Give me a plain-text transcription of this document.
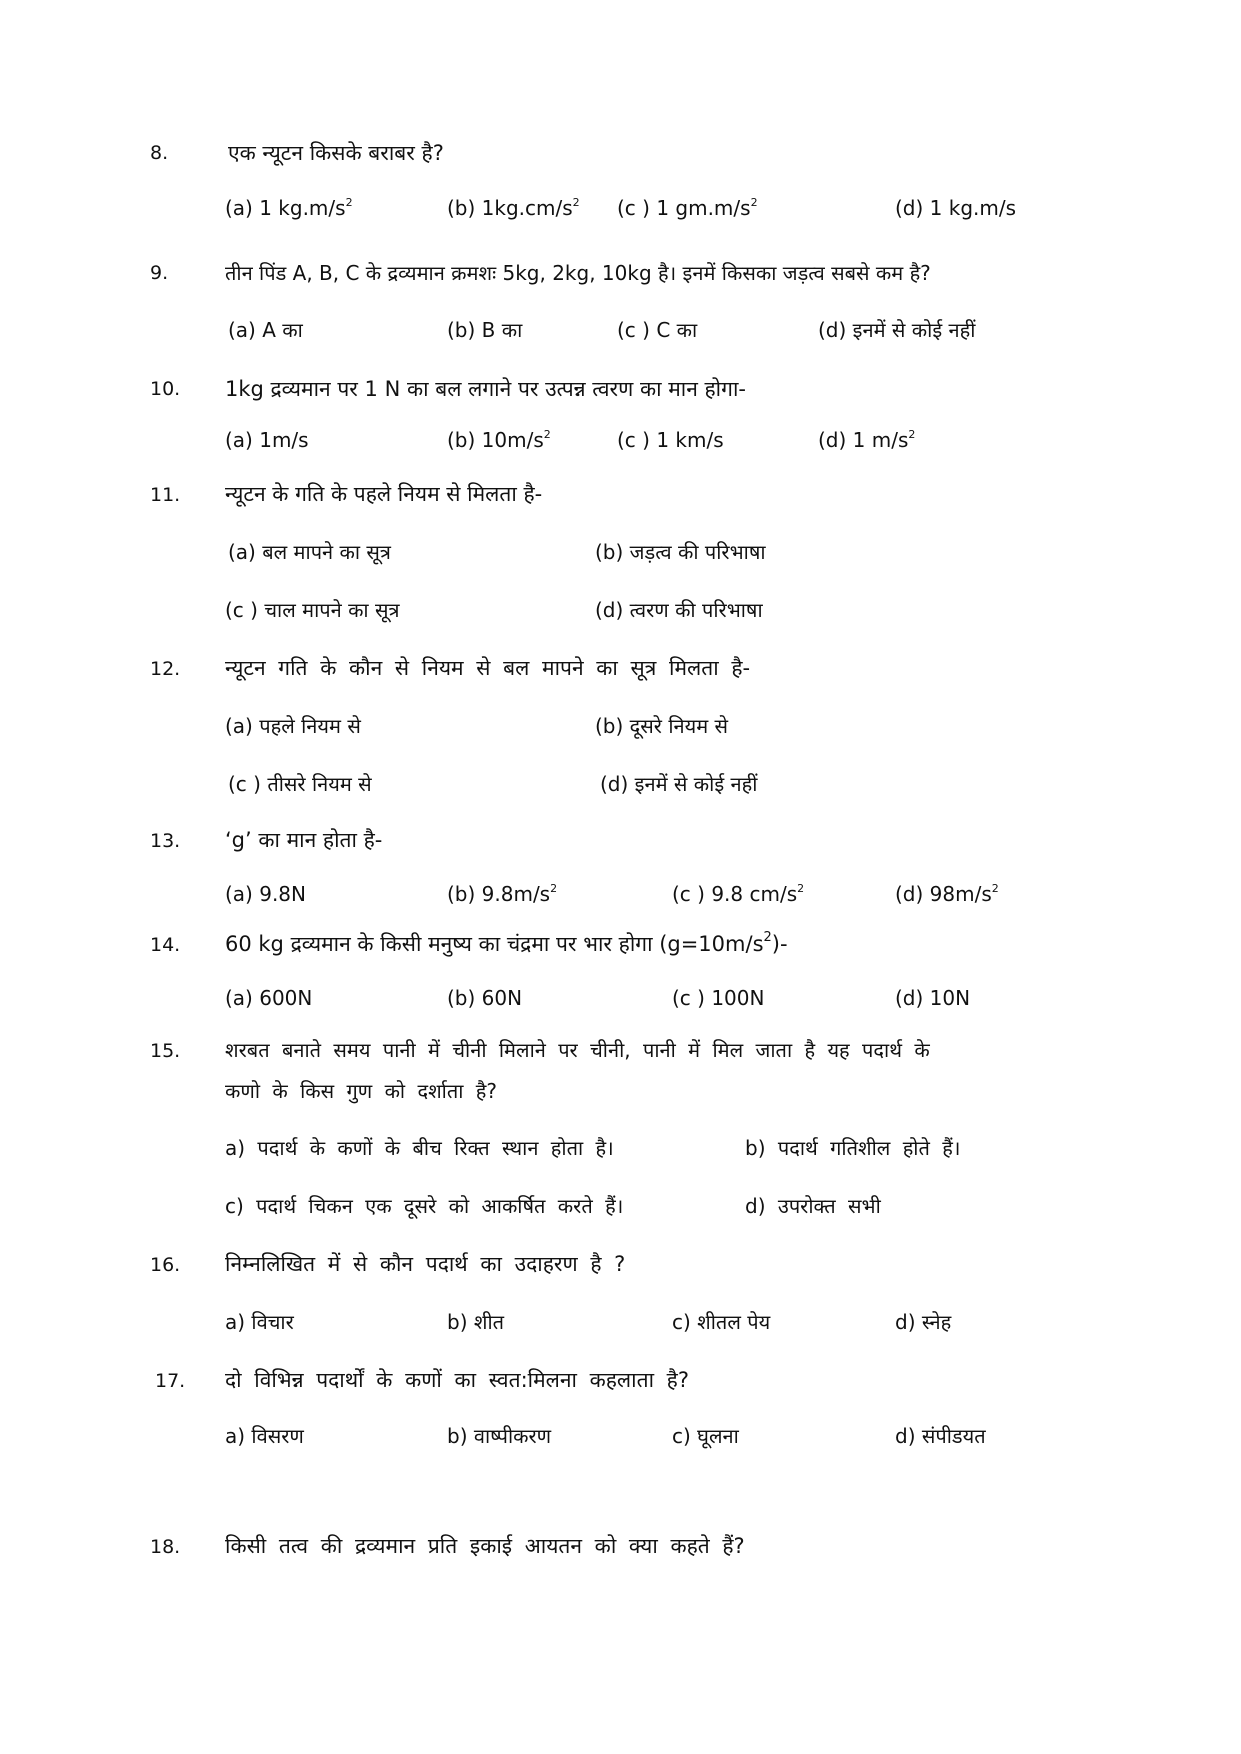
8.	एक न्यूटन किसके बराबर है?
(a) 1 $kg.m/s^2$	(b) $1kg.cm/s^2$ (c ) 1 $gm.m/s^2$	(d) 1 kg.m/s
9.	तीन पिंड A, B, C के द्रव्यमान क्रमशः 5kg, 2kg, 10kg है। इनमें किसका जड़त्व सबसे कम है?
(a) A का	(b) B का	(c ) C का	(d) इनमें से कोई नहीं
10. 1kg द्रव्यमान पर 1 N का बल लगाने पर उत्पन्न त्वरण का मान होगा-
(a) 1m/s	(b) $10m/s^2$	(c ) 1 km/s	(d) 1 $m/s^2$
11. न्यूटन के गति के पहले नियम से मिलता है-
(a) बल मापने का सूत्र	(b) जड़त्व की परिभाषा
(c ) चाल मापने का सूत्र	(d) त्वरण की परिभाषा
12. न्यूटन गति के कौन से नियम से बल मापने का सूत्र मिलता है-
(a) पहले नियम से	(b) दूसरे नियम से
(c ) तीसरे नियम से	(d) इनमें से कोई नहीं
13. ‘g’ का मान होता है-
(a) 9.8N	(b) $9.8m/s^2$	(c ) 9.8 $cm/s^2$	(d) $98m/s^2$
14. 60 kg द्रव्यमान के किसी मनुष्य का चंद्रमा पर भार होगा $(g=10m/s^2)-$
(a) 600N	(b) 60N	(c ) 100N	(d) 10N
15. शरबत बनाते समय पानी में चीनी मिलाने पर चीनी, पानी में मिल जाता है यह पदार्थ के
कणो के किस गुण को दर्शाता है?
a) पदार्थ के कणों के बीच रिक्त स्थान होता है।	b) पदार्थ गतिशील होते हैं।
c) पदार्थ चिकन एक दूसरे को आकर्षित करते हैं।	d) उपरोक्त सभी
16. निम्नलिखित में से कौन पदार्थ का उदाहरण है ?
a) विचार	b) शीत	c) शीतल पेय	d) स्नेह
17. दो विभिन्न पदार्थों के कणों का स्वत:मिलना कहलाता है?
a) विसरण	b) वाष्पीकरण	c) घूलना	d) संपीडयत
18. किसी तत्व की द्रव्यमान प्रति इकाई आयतन को क्या कहते हैं?
